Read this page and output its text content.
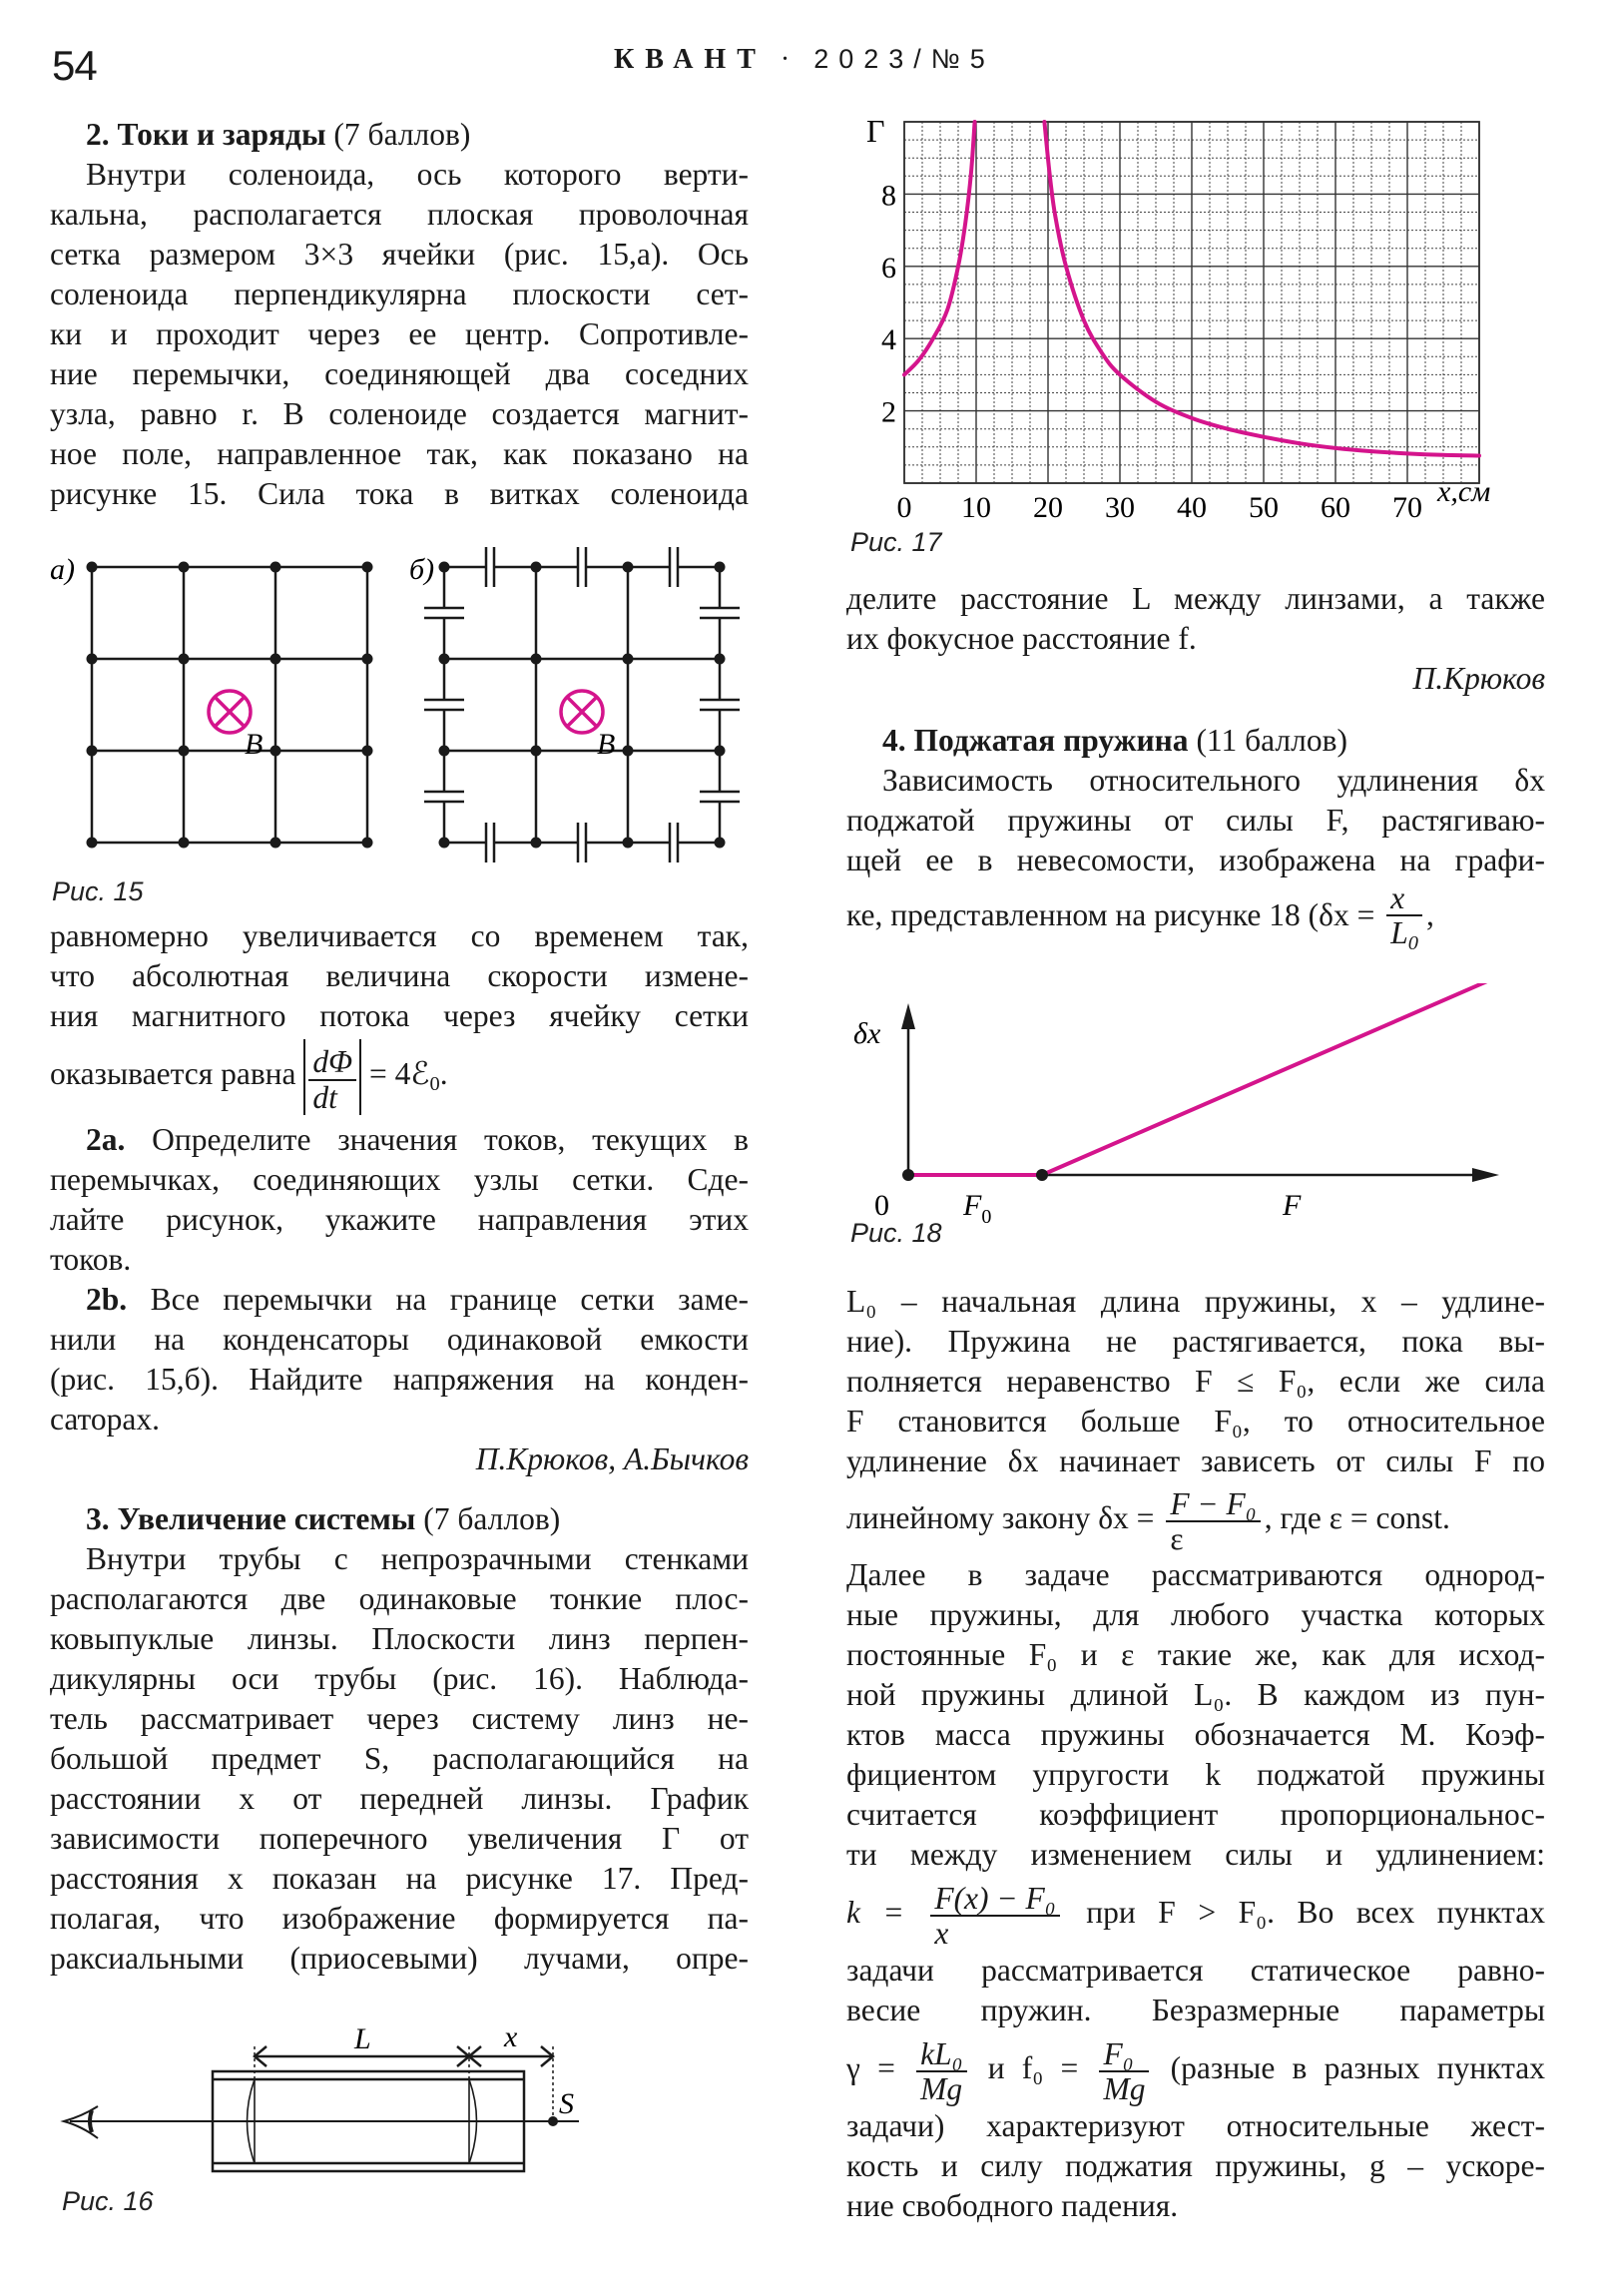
54	КВАНТ · 2023/№5
2. Токи и заряды (7 баллов)
Внутри соленоида, ось которого верти-
кальна, располагается плоская проволочная
сетка размером 3×3 ячейки (рис. 15,а). Ось
соленоида перпендикулярна плоскости сет-
ки и проходит через ее центр. Сопротивле-
ние перемычки, соединяющей два соседних
узла, равно r. В соленоиде создается магнит-
ное поле, направленное так, как показано на
рисунке 15. Сила тока в витках соленоида
а)	б)
B	B
Рис. 15
равномерно увеличивается со временем так,
что абсолютная величина скорости измене-
ния магнитного потока через ячейку сетки
оказывается равна $\frac{d\Phi}{dt}$ = 4ℰ$_0$.
2a. Определите значения токов, текущих в
перемычках, соединяющих узлы сетки. Сде-
лайте рисунок, укажите направления этих
токов.
2b. Все перемычки на границе сетки заме-
нили на конденсаторы одинаковой емкости
(рис. 15,б). Найдите напряжения на конден-
саторах.
П.Крюков, А.Бычков
3. Увеличение системы (7 баллов)
Внутри трубы с непрозрачными стенками
располагаются две одинаковые тонкие плос-
ковыпуклые линзы. Плоскости линз перпен-
дикулярны оси трубы (рис. 16). Наблюда-
тель рассматривает через систему линз не-
большой предмет S, располагающийся на
расстоянии x от передней линзы. График
зависимости поперечного увеличения Г от
расстояния x показан на рисунке 17. Пред-
полагая, что изображение формируется па-
раксиальными (приосевыми) лучами, опре-
L	x
S
Рис. 16
0 10 20 30 40 50 60 70
2
4
6
8
Г
x,см
Рис. 17
делите расстояние L между линзами, а также
их фокусное расстояние f.
П.Крюков
4. Поджатая пружина (11 баллов)
Зависимость относительного удлинения δx
поджатой пружины от силы F, растягиваю-
щей ее в невесомости, изображена на графи-
ке, представленном на рисунке 18 ($\delta x = \frac{x}{L_0}$ ,
δx
0 $F_0$	F
Рис. 18
L₀ – начальная длина пружины, x – удлине-
ние). Пружина не растягивается, пока вы-
полняется неравенство F ≤ F₀, если же сила
F становится больше F₀, то относительное
удлинение δx начинает зависеть от силы F по
линейному закону $\delta x = \frac{\text{F − F₀}}{\varepsilon}$ , где ε = const.
Далее в задаче рассматриваются однород-
ные пружины, для любого участка которых
постоянные F₀ и ε такие же, как для исход-
ной пружины длиной L₀. В каждом из пун-
ктов масса пружины обозначается M. Коэф-
фициентом упругости k поджатой пружины
считается коэффициент пропорциональнос-
ти между изменением силы и удлинением:
$k = \frac{\text{F(x) − F₀}}{x}$ при F > F₀. Во всех пунктах
задачи рассматривается статическое равно-
весие пружин. Безразмерные параметры
$\gamma = \frac{\text{kL₀}}{Mg}$ и $f_0 = \frac{\text{F₀}}{Mg}$ (разные в разных пунктах
задачи) характеризуют относительные жест-
кость и силу поджатия пружины, g – ускоре-
ние свободного падения.
